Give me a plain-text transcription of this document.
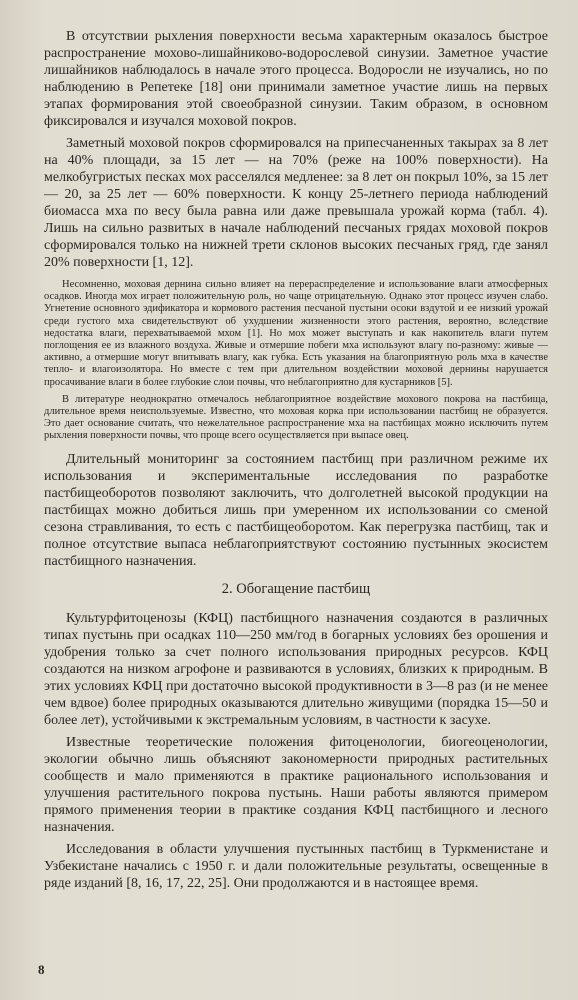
В отсутствии рыхления поверхности весьма характерным оказалось быстрое распространение мохово-лишайниково-водорослевой синузии. Заметное участие лишайников наблюдалось в начале этого процесса. Водоросли не изучались, но по наблюдению в Репетеке [18] они принимали заметное участие лишь на первых этапах формирования этой своеобразной синузии. Таким образом, в основном фиксировался и изучался моховой покров.

Заметный моховой покров сформировался на припесчаненных такырах за 8 лет на 40% площади, за 15 лет — на 70% (реже на 100% поверхности). На мелкобугристых песках мох расселялся медленее: за 8 лет он покрыл 10%, за 15 лет — 20, за 25 лет — 60% поверхности. К концу 25-летнего периода наблюдений биомасса мха по весу была равна или даже превышала урожай корма (табл. 4). Лишь на сильно развитых в начале наблюдений песчаных грядах моховой покров сформировался только на нижней трети склонов высоких песчаных гряд, где занял 20% поверхности [1, 12].

Несомненно, моховая дернина сильно влияет на перераспределение и использование влаги атмосферных осадков. Иногда мох играет положительную роль, но чаще отрицательную. Однако этот процесс изучен слабо. Угнетение основного эдификатора и кормового растения песчаной пустыни осоки вздутой и ее низкий урожай среди густого мха свидетельствуют об ухудшении жизненности этого растения, вероятно, вследствие недостатка влаги, перехватываемой мхом [1]. Но мох может выступать и как накопитель влаги путем поглощения ее из влажного воздуха. Живые и отмершие побеги мха используют влагу по-разному: живые — активно, а отмершие могут впитывать влагу, как губка. Есть указания на благоприятную роль мха в качестве тепло- и влагоизолятора. Но вместе с тем при длительном воздействии моховой дернины нарушается просачивание влаги в более глубокие слои почвы, что неблагоприятно для кустарников [5].

В литературе неоднократно отмечалось неблагоприятное воздействие мохового покрова на пастбища, длительное время неиспользуемые. Известно, что моховая корка при использовании пастбищ не образуется. Это дает основание считать, что нежелательное распространение мха на пастбищах можно исключить путем рыхления поверхности почвы, что проще всего осуществляется при выпасе овец.

Длительный мониторинг за состоянием пастбищ при различном режиме их использования и экспериментальные исследования по разработке пастбищеоборотов позволяют заключить, что долголетней высокой продукции на пастбищах можно добиться лишь при умеренном их использовании со сменой сезона стравливания, то есть с пастбищеоборотом. Как перегрузка пастбищ, так и полное отсутствие выпаса неблагоприятствуют состоянию пустынных экосистем пастбищного назначения.

2. Обогащение пастбищ

Культурфитоценозы (КФЦ) пастбищного назначения создаются в различных типах пустынь при осадках 110—250 мм/год в богарных условиях без орошения и удобрения только за счет полного использования природных ресурсов. КФЦ создаются на низком агрофоне и развиваются в условиях, близких к природным. В этих условиях КФЦ при достаточно высокой продуктивности в 3—8 раз (и не менее чем вдвое) более природных оказываются длительно живущими (порядка 15—50 и более лет), устойчивыми к экстремальным условиям, в частности к засухе.

Известные теоретические положения фитоценологии, биогеоценологии, экологии обычно лишь объясняют закономерности природных растительных сообществ и мало применяются в практике рационального использования и улучшения растительного покрова пустынь. Наши работы являются примером прямого применения теории в практике создания КФЦ пастбищного и лесного назначения.

Исследования в области улучшения пустынных пастбищ в Туркменистане и Узбекистане начались с 1950 г. и дали положительные результаты, освещенные в ряде изданий [8, 16, 17, 22, 25]. Они продолжаются и в настоящее время.

8
